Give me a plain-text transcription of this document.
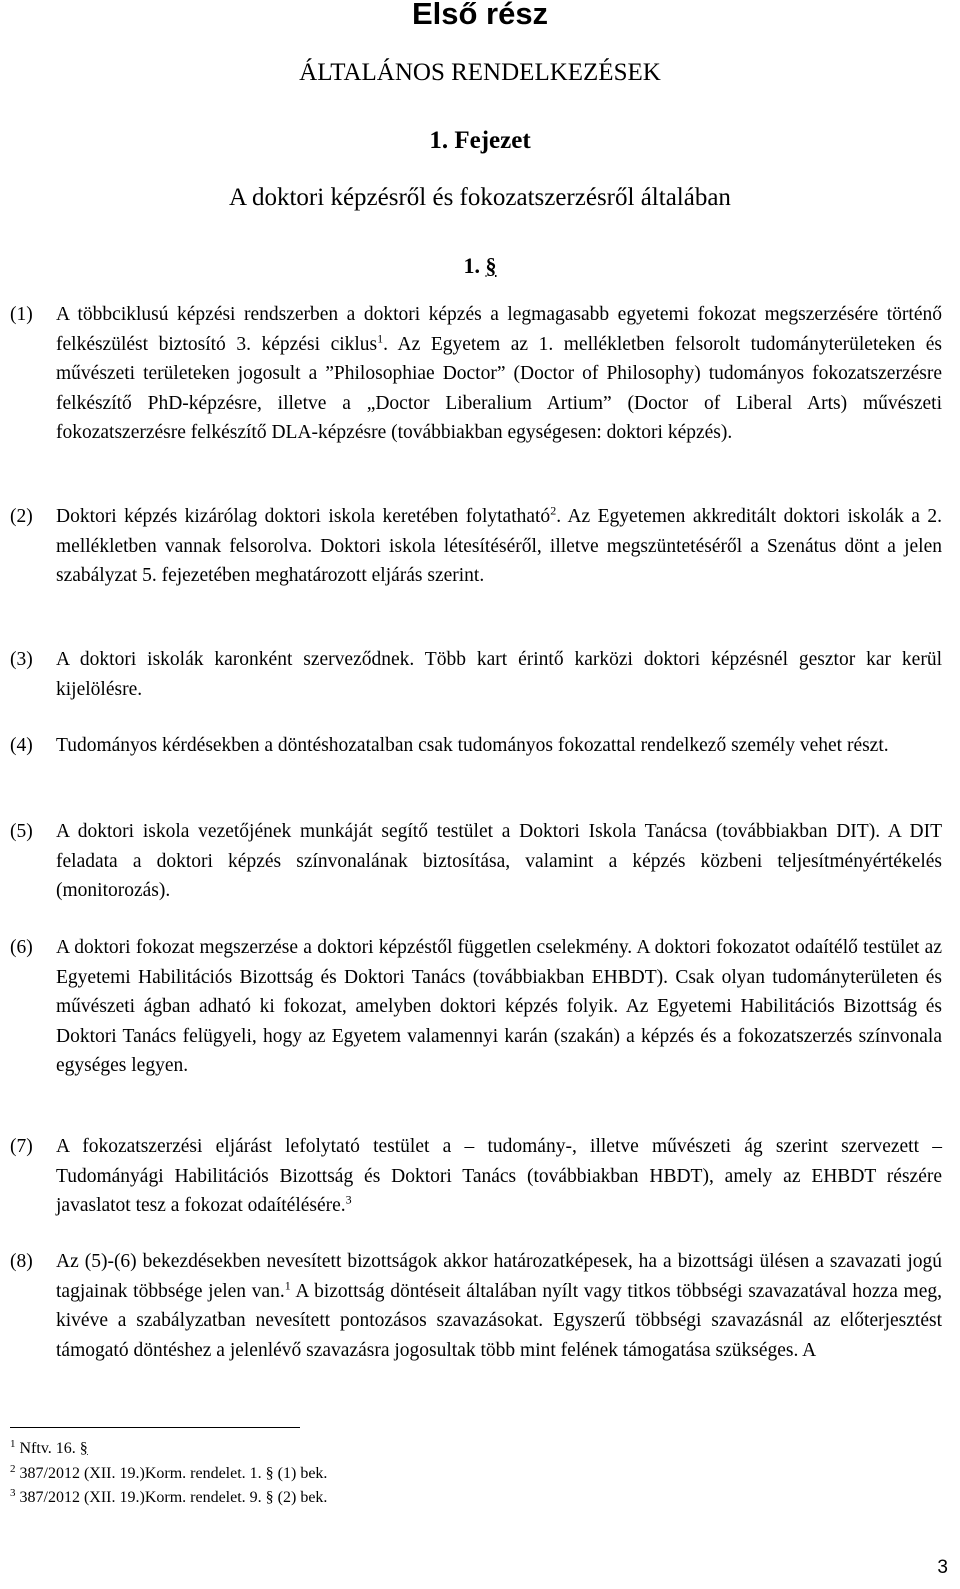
Első rész
ÁLTALÁNOS RENDELKEZÉSEK
1. Fejezet
A doktori képzésről és fokozatszerzésről általában
1. §
(1) A többciklusú képzési rendszerben a doktori képzés a legmagasabb egyetemi fokozat megszerzésére történő felkészülést biztosító 3. képzési ciklus$^1$. Az Egyetem az 1. mellékletben felsorolt tudományterületeken és művészeti területeken jogosult a ”Philosophiae Doctor” (Doctor of Philosophy) tudományos fokozatszerzésre felkészítő PhD-képzésre, illetve a „Doctor Liberalium Artium” (Doctor of Liberal Arts) művészeti fokozatszerzésre felkészítő DLA-képzésre (továbbiakban egységesen: doktori képzés).
(2) Doktori képzés kizárólag doktori iskola keretében folytatható$^2$. Az Egyetemen akkreditált doktori iskolák a 2. mellékletben vannak felsorolva. Doktori iskola létesítéséről, illetve megszüntetéséről a Szenátus dönt a jelen szabályzat 5. fejezetében meghatározott eljárás szerint.
(3) A doktori iskolák karonként szerveződnek. Több kart érintő karközi doktori képzésnél gesztor kar kerül kijelölésre.
(4) Tudományos kérdésekben a döntéshozatalban csak tudományos fokozattal rendelkező személy vehet részt.
(5) A doktori iskola vezetőjének munkáját segítő testület a Doktori Iskola Tanácsa (továbbiakban DIT). A DIT feladata a doktori képzés színvonalának biztosítása, valamint a képzés közbeni teljesítményértékelés (monitorozás).
(6) A doktori fokozat megszerzése a doktori képzéstől független cselekmény. A doktori fokozatot odaítélő testület az Egyetemi Habilitációs Bizottság és Doktori Tanács (továbbiakban EHBDT). Csak olyan tudományterületen és művészeti ágban adható ki fokozat, amelyben doktori képzés folyik. Az Egyetemi Habilitációs Bizottság és Doktori Tanács felügyeli, hogy az Egyetem valamennyi karán (szakán) a képzés és a fokozatszerzés színvonala egységes legyen.
(7) A fokozatszerzési eljárást lefolytató testület a – tudomány-, illetve művészeti ág szerint szervezett – Tudományági Habilitációs Bizottság és Doktori Tanács (továbbiakban HBDT), amely az EHBDT részére javaslatot tesz a fokozat odaítélésére.$^3$
(8) Az (5)-(6) bekezdésekben nevesített bizottságok akkor határozatképesek, ha a bizottsági ülésen a szavazati jogú tagjainak többsége jelen van.$^1$ A bizottság döntéseit általában nyílt vagy titkos többségi szavazatával hozza meg, kivéve a szabályzatban nevesített pontozásos szavazásokat. Egyszerű többségi szavazásnál az előterjesztést támogató döntéshez a jelenlévő szavazásra jogosultak több mint felének támogatása szükséges. A
$^1$ Nftv. 16. §
$^2$ 387/2012 (XII. 19.)Korm. rendelet. 1. § (1) bek.
$^3$ 387/2012 (XII. 19.)Korm. rendelet. 9. § (2) bek.
3
